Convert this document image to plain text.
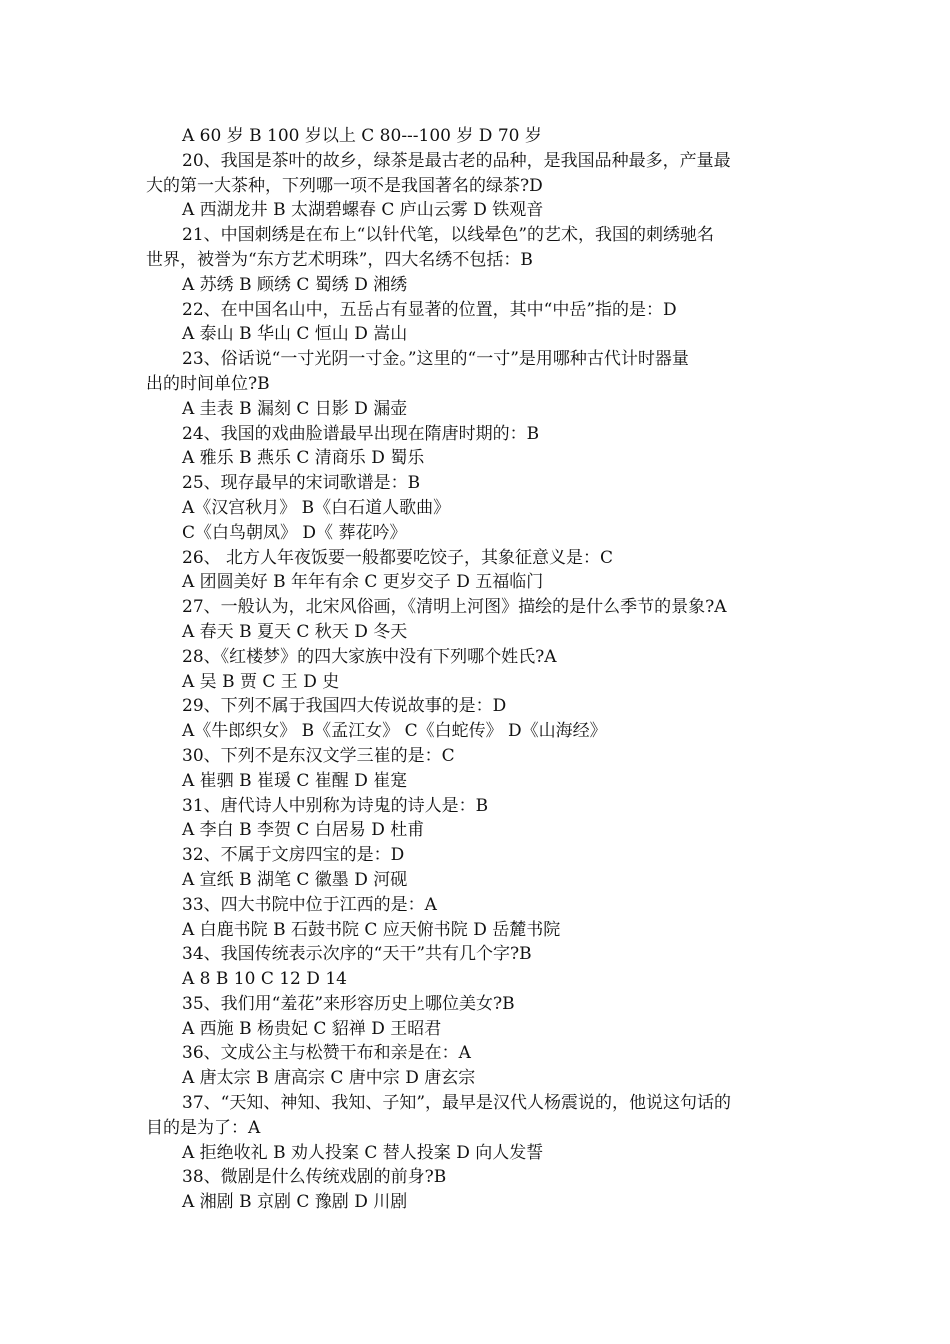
A 60 岁 B 100 岁以上 C 80---100 岁 D 70 岁
20、我国是茶叶的故乡，绿茶是最古老的品种，是我国品种最多，产量最
大的第一大茶种，下列哪一项不是我国著名的绿茶?D
A 西湖龙井 B 太湖碧螺春 C 庐山云雾 D 铁观音
21、中国刺绣是在布上“以针代笔，以线晕色”的艺术，我国的刺绣驰名
世界，被誉为“东方艺术明珠”，四大名绣不包括：B
A 苏绣 B 顾绣 C 蜀绣 D 湘绣
22、在中国名山中，五岳占有显著的位置，其中“中岳”指的是：D
A 泰山 B 华山 C 恒山 D 嵩山
23、俗话说“一寸光阴一寸金。”这里的“一寸”是用哪种古代计时器量
出的时间单位?B
A 圭表 B 漏刻 C 日影 D 漏壶
24、我国的戏曲脸谱最早出现在隋唐时期的：B
A 雅乐 B 燕乐 C 清商乐 D 蜀乐
25、现存最早的宋词歌谱是：B
A《汉宫秋月》 B《白石道人歌曲》
C《白鸟朝凤》 D《 葬花吟》
26、 北方人年夜饭要一般都要吃饺子，其象征意义是：C
A 团圆美好 B 年年有余 C 更岁交子 D 五福临门
27、一般认为，北宋风俗画，《清明上河图》描绘的是什么季节的景象?A
A 春天 B 夏天 C 秋天 D 冬天
28、《红楼梦》的四大家族中没有下列哪个姓氏?A
A 吴 B 贾 C 王 D 史
29、下列不属于我国四大传说故事的是：D
A《牛郎织女》 B《孟江女》 C《白蛇传》 D《山海经》
30、下列不是东汉文学三崔的是：C
A 崔驷 B 崔瑗 C 崔醒 D 崔寔
31、唐代诗人中别称为诗鬼的诗人是：B
A 李白 B 李贺 C 白居易 D 杜甫
32、不属于文房四宝的是：D
A 宣纸 B 湖笔 C 徽墨 D 河砚
33、四大书院中位于江西的是：A
A 白鹿书院 B 石鼓书院 C 应天俯书院 D 岳麓书院
34、我国传统表示次序的“天干”共有几个字?B
A 8 B 10 C 12 D 14
35、我们用“羞花”来形容历史上哪位美女?B
A 西施 B 杨贵妃 C 貂禅 D 王昭君
36、文成公主与松赞干布和亲是在：A
A 唐太宗 B 唐高宗 C 唐中宗 D 唐玄宗
37、“天知、神知、我知、子知”，最早是汉代人杨震说的，他说这句话的
目的是为了：A
A 拒绝收礼 B 劝人投案 C 替人投案 D 向人发誓
38、微剧是什么传统戏剧的前身?B
A 湘剧 B 京剧 C 豫剧 D 川剧
